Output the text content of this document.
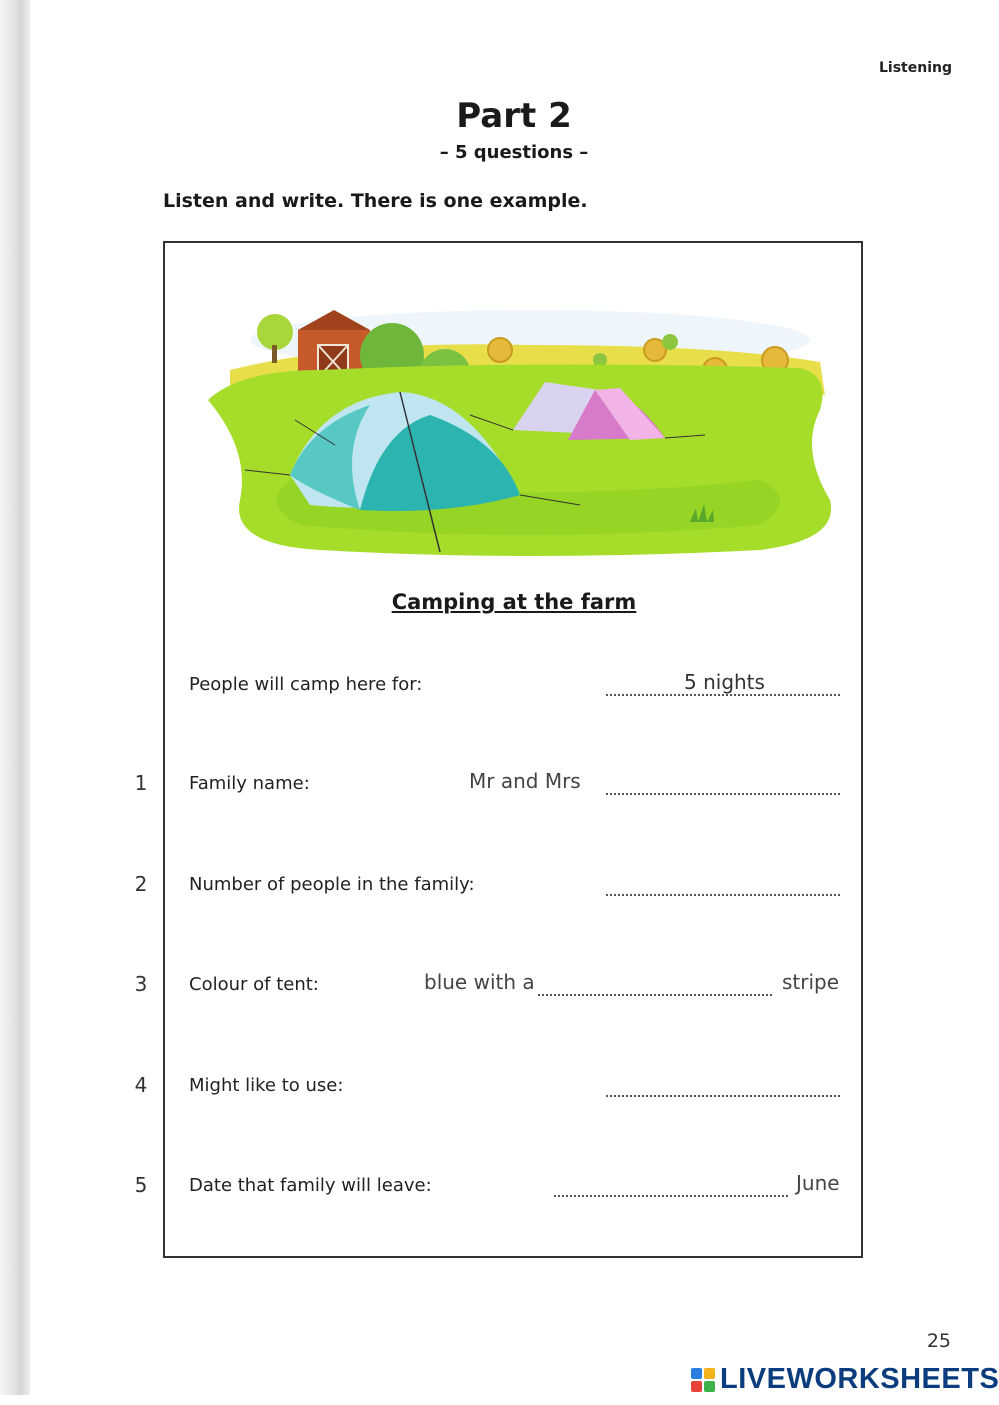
Listening
Part 2
– 5 questions –
Listen and write. There is one example.
Camping at the farm
People will camp here for:	5 nights
1	Family name:	Mr and Mrs
2	Number of people in the family:
3	Colour of tent:	blue with a	stripe
4	Might like to use:
5	Date that family will leave:	June
25
LIVEWORKSHEETS
